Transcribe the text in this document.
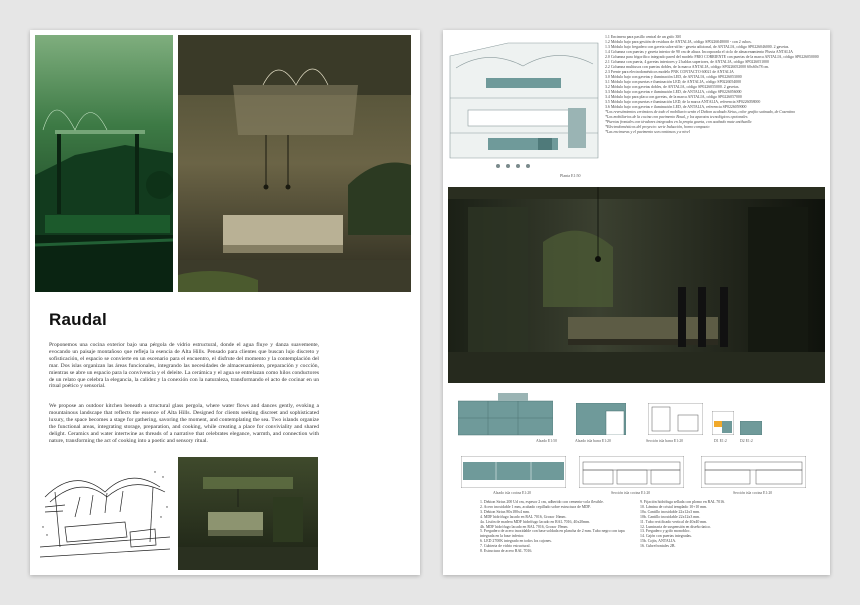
Raudal
Proponemos una cocina exterior bajo una pérgola de vidrio estructural, donde el agua fluye y danza suavemente, evocando un paisaje montañoso que refleja la esencia de Alta Hills. Pensado para clientes que buscan lujo discreto y sofisticación, el espacio se convierte en un escenario para el encuentro, el disfrute del momento y la contemplación del mar. Dos islas organizan las áreas funcionales, integrando las necesidades de almacenamiento, preparación y cocción, mientras se abre un espacio para la convivencia y el deleite. La cerámica y el agua se entrelazan como hilos conductores de un relato que celebra la elegancia, la calidez y la conexión con la naturaleza, transformando el acto de cocinar en un ritual poético y sensorial.
We propose an outdoor kitchen beneath a structural glass pergola, where water flows and dances gently, evoking a mountainous landscape that reflects the essence of Alta Hills. Designed for clients seeking discreet and sophisticated luxury, the space becomes a stage for gathering, savoring the moment, and contemplating the sea. Two islands organize the functional areas, integrating storage, preparation, and cooking, while creating a place for conviviality and shared delight. Ceramics and water intertwine as threads of a narrative that celebrates elegance, warmth, and connection with nature, transforming the act of cooking into a poetic and sensory ritual.
Planta E1:50
1.1 Encimera para pasillo central de un grifo 3M
1.2 Módulo bajo para gestión de residuos de ANTALIA, código SP0226048000 - con 2 cubos.
1.3 Módulo bajo fregadero con gaveta salva-sifón - gaveta adicional, de ANTALIA, código SP0226046000. 2 gavetas.
1.4 Columna con puertas y gaveta interior de 90 cm de altura. Incorporada el ciclo de almacenamiento Pluvia ANTALIA
2.0 Columna para frigorífico integrado pared del modelo FRIO CORRIENTE con puertas de la marca ANTALIA, código SP0226050000
2.1 Columna con puerta, 4 gavetas interiores y 2 baldas superiores, de ANTALIA, código SP0226051000
2.2 Columna multiusos con puertas dobles, de la marca ANTALIA, código SP0226052000 60x60x78 cm.
2.3 Frente para electrodomésticos modelo PNK CONTACTO 60021 de ANTALIA
3.0 Módulo bajo con gavetas y iluminación LED, de ANTALIA, código SP0226053000
3.1 Módulo bajo con puertas e iluminación LED, de ANTALIA, código SP0226054000
3.2 Módulo bajo con gavetas dobles, de ANTALIA, código SP0226055000. 2 gavetas.
3.3 Módulo bajo con gavetas e iluminación LED, de ANTALIA, código SP0226056000
3.4 Módulo bajo para placa con gavetas, de la marca ANTALIA, código SP0226057000
3.5 Módulo bajo con puertas e iluminación LED, de la marca ANTALIA, referencia SP0226058000
3.6 Módulo bajo con gavetas e iluminación LED, de ANTALIA, referencia SP0226059000
*Los revestimientos cerámicos de todo el mobiliario serán el Dekton acabado Sirius, color grafito satinado, de Cosentino
*Los mobiliarios de la cocina con pavimento Bosal, y los aparatos tecnológicos opcionales
*Puertas frontales con tiradores integrados en la propia gaveta, con acabado mate antihuella
*Electrodomésticos del proyecto: serie Inducción, horno compacto
*Las encimeras y el pavimento son continuos y a nivel
Alzado E1:50	Alzado isla barra E1:20	Sección isla barra E1:20	D1 E1:2	D2 E1:2
Alzado isla cocina E1:20	Sección isla cocina E1:20	Sección isla cocina E1:20
1. Dekton Sirius 200 Ud cm, espesor 2 cm, adherido con cemento-cola flexible.
2. Acero inoxidable 1 mm, acabado cepillado sobre estructura de MDF.
3. Dekton Sirius 80x180x4 mm.
4. MDF hidrófugo lacado en RAL 7016, Grosor 16mm.
4a. Listón de madera MDF hidrófugo lacado en RAL 7016, 40x20mm.
4b. MDF hidrófugo lacado en RAL 7016, Grosor 19mm.
5. Fregadero de acero inoxidable con base soldada en plancha de 2 mm. Tubo negro con tapa integrada en la base inferior.
6. LED 2700K integrado en todos los cajones.
7. Cubierta de vidrio estructural.
8. Estructura de acero RAL 7016.
9. Fijación hidrófuga sellada con plomo en RAL 7016.
10. Lámina de cristal templado 10+10 mm.
10a. Cantillo inoxidable 22x12x3 mm.
10b. Cantillo inoxidable 22x12x3 mm.
11. Tubo rectificado vertical de 40x40 mm.
12. Luminaria de suspensión en diseño único.
13. Fregadero y grifo monobloc.
14. Cajón con puertas integradas.
15b. Cojín, ANTALIA.
16. Cubrefrontales 2B.
